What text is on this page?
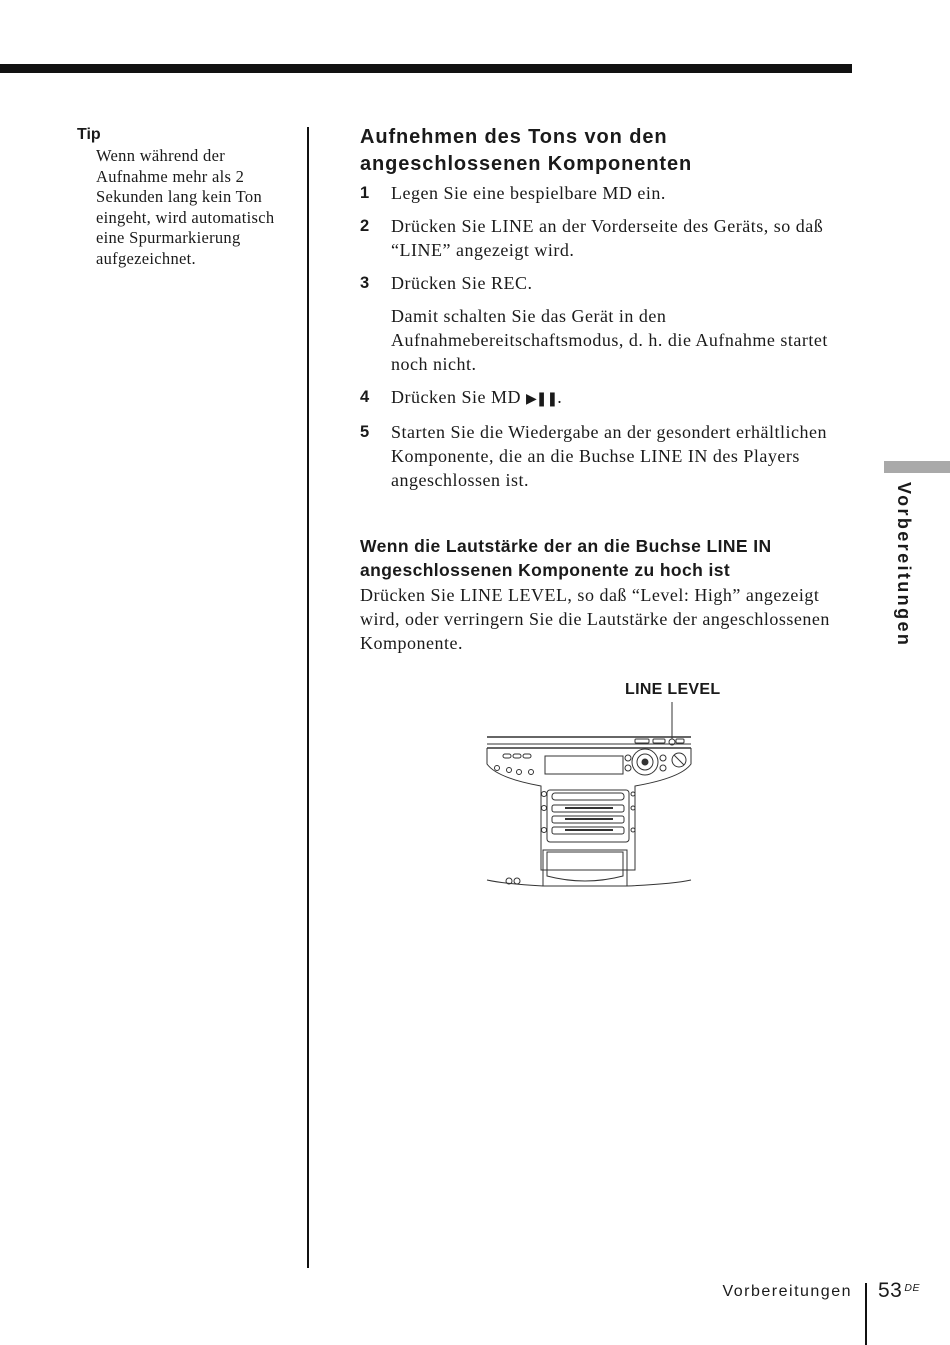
Tip
Wenn während der Aufnahme mehr als 2 Sekunden lang kein Ton eingeht, wird automatisch eine Spurmarkierung aufgezeichnet.
Aufnehmen des Tons von den angeschlossenen Komponenten
1 Legen Sie eine bespielbare MD ein.
2 Drücken Sie LINE an der Vorderseite des Geräts, so daß “LINE” angezeigt wird.
3 Drücken Sie REC.
Damit schalten Sie das Gerät in den Aufnahmebereitschaftsmodus, d. h. die Aufnahme startet noch nicht.
4 Drücken Sie MD ▶❚❚.
5 Starten Sie die Wiedergabe an der gesondert erhältlichen Komponente, die an die Buchse LINE IN des Players angeschlossen ist.
Wenn die Lautstärke der an die Buchse LINE IN angeschlossenen Komponente zu hoch ist

Drücken Sie LINE LEVEL, so daß “Level: High” angezeigt wird, oder verringern Sie die Lautstärke der angeschlossenen Komponente.

LINE LEVEL
Vorbereitungen
Vorbereitungen 53 $^{DE}$
